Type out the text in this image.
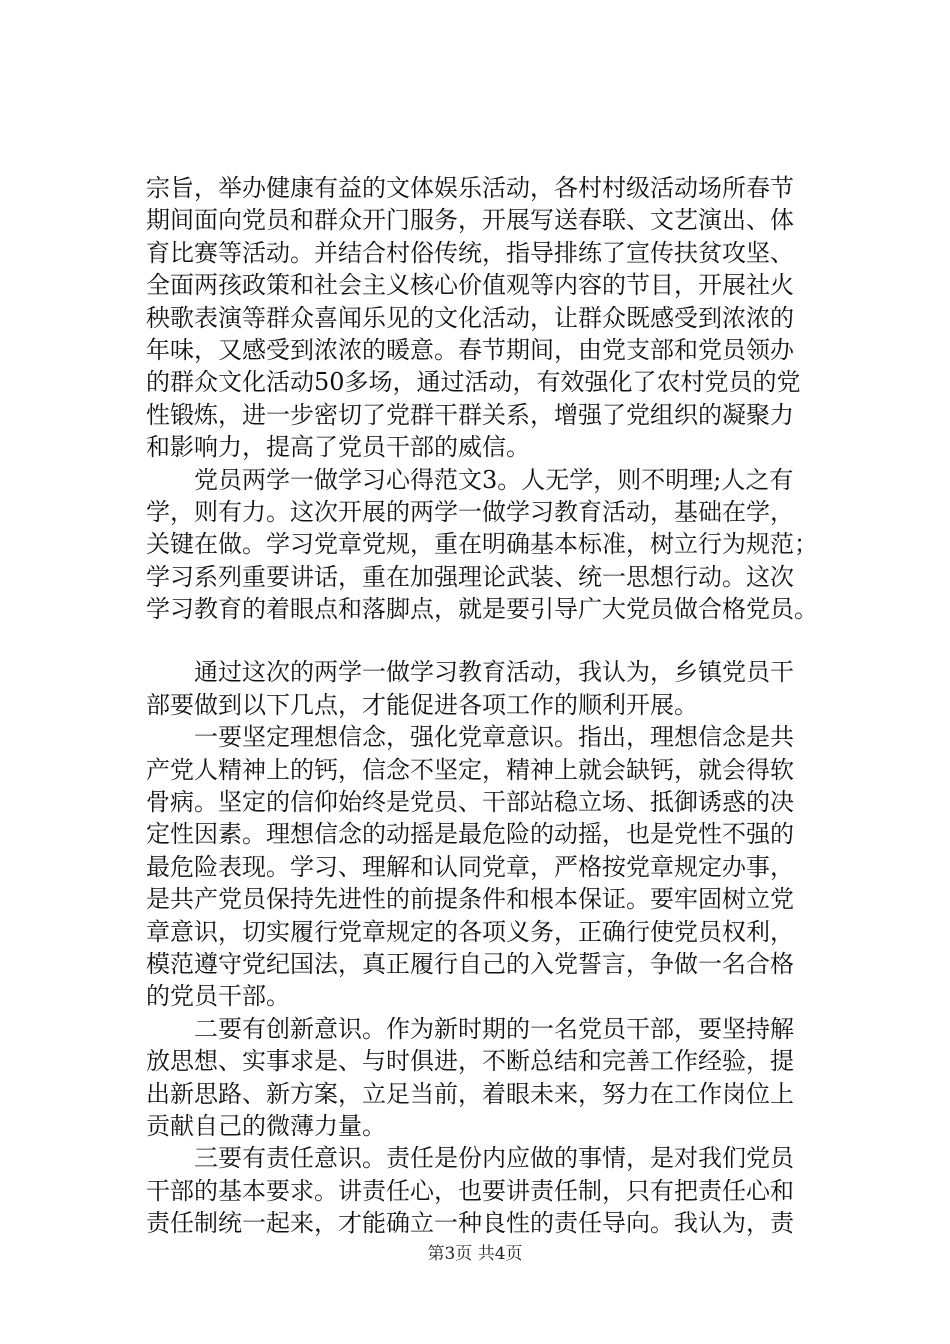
宗旨，举办健康有益的文体娱乐活动，各村村级活动场所春节
期间面向党员和群众开门服务，开展写送春联、文艺演出、体
育比赛等活动。并结合村俗传统，指导排练了宣传扶贫攻坚、
全面两孩政策和社会主义核心价值观等内容的节目，开展社火
秧歌表演等群众喜闻乐见的文化活动，让群众既感受到浓浓的
年味，又感受到浓浓的暖意。春节期间，由党支部和党员领办
的群众文化活动50多场，通过活动，有效强化了农村党员的党
性锻炼，进一步密切了党群干群关系，增强了党组织的凝聚力
和影响力，提高了党员干部的威信。
　　党员两学一做学习心得范文3。人无学，则不明理;人之有
学，则有力。这次开展的两学一做学习教育活动，基础在学，
关键在做。学习党章党规，重在明确基本标准，树立行为规范；
学习系列重要讲话，重在加强理论武装、统一思想行动。这次
学习教育的着眼点和落脚点，就是要引导广大党员做合格党员。
　　通过这次的两学一做学习教育活动，我认为，乡镇党员干
部要做到以下几点，才能促进各项工作的顺利开展。
　　一要坚定理想信念，强化党章意识。指出，理想信念是共
产党人精神上的钙，信念不坚定，精神上就会缺钙，就会得软
骨病。坚定的信仰始终是党员、干部站稳立场、抵御诱惑的决
定性因素。理想信念的动摇是最危险的动摇，也是党性不强的
最危险表现。学习、理解和认同党章，严格按党章规定办事，
是共产党员保持先进性的前提条件和根本保证。要牢固树立党
章意识，切实履行党章规定的各项义务，正确行使党员权利，
模范遵守党纪国法，真正履行自己的入党誓言，争做一名合格
的党员干部。
　　二要有创新意识。作为新时期的一名党员干部，要坚持解
放思想、实事求是、与时俱进，不断总结和完善工作经验，提
出新思路、新方案，立足当前，着眼未来，努力在工作岗位上
贡献自己的微薄力量。
　　三要有责任意识。责任是份内应做的事情，是对我们党员
干部的基本要求。讲责任心，也要讲责任制，只有把责任心和
责任制统一起来，才能确立一种良性的责任导向。我认为，责
第3页 共4页
